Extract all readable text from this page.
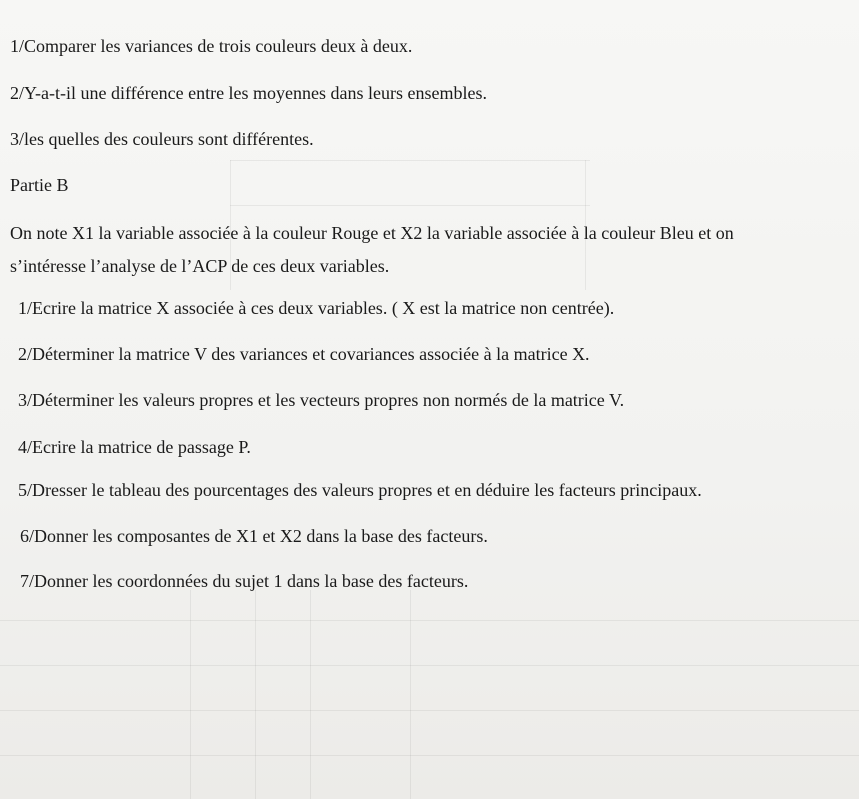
1/Comparer les variances de trois couleurs deux à deux.

2/Y-a-t-il une différence entre les moyennes dans leurs ensembles.

3/les quelles des couleurs sont différentes.

Partie B

On note X1 la variable associée à la couleur Rouge et X2 la variable associée à la couleur Bleu et on

s’intéresse l’analyse de l’ACP de ces deux variables.

1/Ecrire la matrice X associée à ces deux variables. ( X est la matrice non centrée).

2/Déterminer la matrice V des variances et covariances associée à la matrice X.

3/Déterminer les valeurs propres et les vecteurs propres non normés de la matrice V.

4/Ecrire la matrice de passage P.

5/Dresser le tableau des pourcentages des valeurs propres et en déduire les facteurs principaux.

6/Donner les composantes de X1 et X2 dans la base des facteurs.

7/Donner les coordonnées du sujet 1 dans la base des facteurs.
